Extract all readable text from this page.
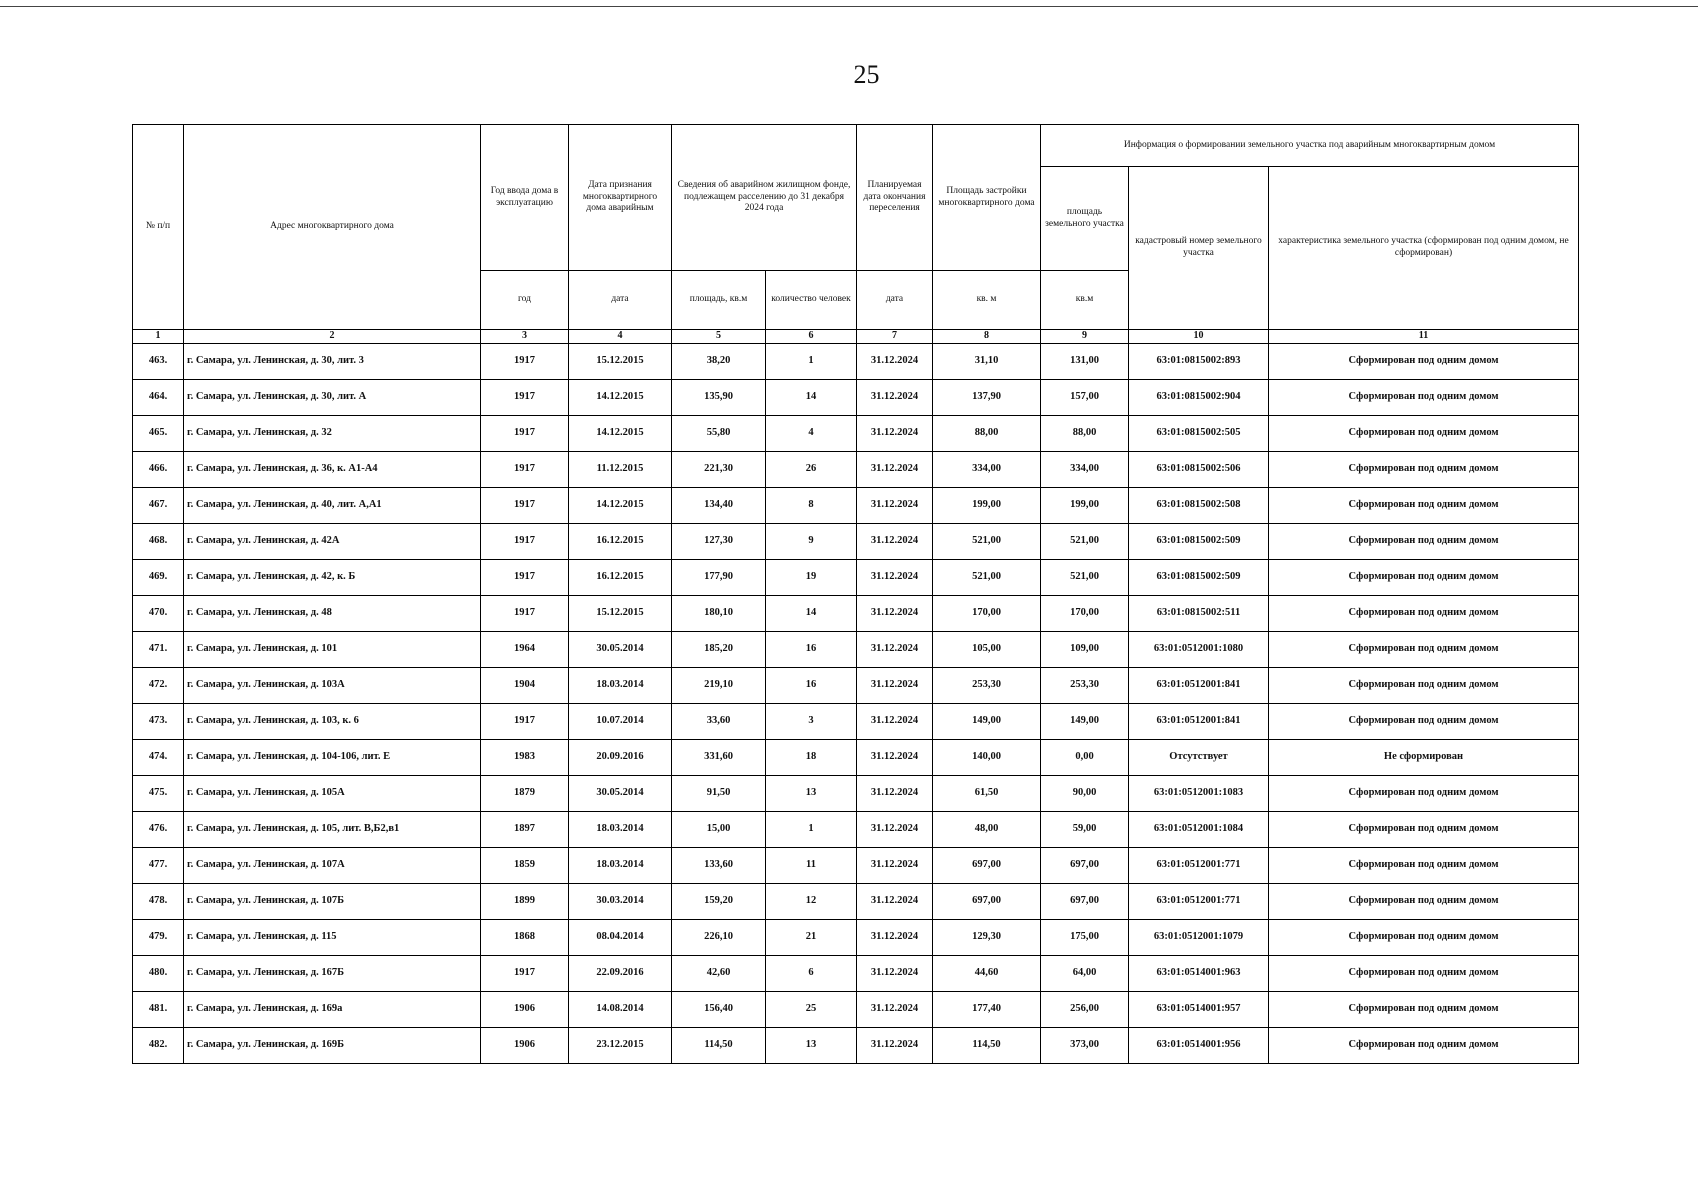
25
№ п/п	Адрес многоквартирного дома	Год ввода дома в эксплуатацию	Дата признания многоквартирного дома аварийным	Сведения об аварийном жилищном фонде, подлежащем расселению до 31 декабря 2024 года		Планируемая дата окончания переселения	Площадь застройки многоквартирного дома	Информация о формировании земельного участка под аварийным многоквартирным домом		
								площадь земельного участка	кадастровый номер земельного участка	характеристика земельного участка (сформирован под одним домом, не сформирован)
		год	дата	площадь, кв.м	количество человек	дата	кв. м	кв.м		
1	2	3	4	5	6	7	8	9	10	11
463.	г. Самара, ул. Ленинская, д. 30, лит. 3	1917	15.12.2015	38,20	1	31.12.2024	31,10	131,00	63:01:0815002:893	Сформирован под одним домом
464.	г. Самара, ул. Ленинская, д. 30, лит. А	1917	14.12.2015	135,90	14	31.12.2024	137,90	157,00	63:01:0815002:904	Сформирован под одним домом
465.	г. Самара, ул. Ленинская, д. 32	1917	14.12.2015	55,80	4	31.12.2024	88,00	88,00	63:01:0815002:505	Сформирован под одним домом
466.	г. Самара, ул. Ленинская, д. 36, к. А1-А4	1917	11.12.2015	221,30	26	31.12.2024	334,00	334,00	63:01:0815002:506	Сформирован под одним домом
467.	г. Самара, ул. Ленинская, д. 40, лит. А,А1	1917	14.12.2015	134,40	8	31.12.2024	199,00	199,00	63:01:0815002:508	Сформирован под одним домом
468.	г. Самара, ул. Ленинская, д. 42А	1917	16.12.2015	127,30	9	31.12.2024	521,00	521,00	63:01:0815002:509	Сформирован под одним домом
469.	г. Самара, ул. Ленинская, д. 42, к. Б	1917	16.12.2015	177,90	19	31.12.2024	521,00	521,00	63:01:0815002:509	Сформирован под одним домом
470.	г. Самара, ул. Ленинская, д. 48	1917	15.12.2015	180,10	14	31.12.2024	170,00	170,00	63:01:0815002:511	Сформирован под одним домом
471.	г. Самара, ул. Ленинская, д. 101	1964	30.05.2014	185,20	16	31.12.2024	105,00	109,00	63:01:0512001:1080	Сформирован под одним домом
472.	г. Самара, ул. Ленинская, д. 103А	1904	18.03.2014	219,10	16	31.12.2024	253,30	253,30	63:01:0512001:841	Сформирован под одним домом
473.	г. Самара, ул. Ленинская, д. 103, к. 6	1917	10.07.2014	33,60	3	31.12.2024	149,00	149,00	63:01:0512001:841	Сформирован под одним домом
474.	г. Самара, ул. Ленинская, д. 104-106, лит. Е	1983	20.09.2016	331,60	18	31.12.2024	140,00	0,00	Отсутствует	Не сформирован
475.	г. Самара, ул. Ленинская, д. 105А	1879	30.05.2014	91,50	13	31.12.2024	61,50	90,00	63:01:0512001:1083	Сформирован под одним домом
476.	г. Самара, ул. Ленинская, д. 105, лит. В,Б2,в1	1897	18.03.2014	15,00	1	31.12.2024	48,00	59,00	63:01:0512001:1084	Сформирован под одним домом
477.	г. Самара, ул. Ленинская, д. 107А	1859	18.03.2014	133,60	11	31.12.2024	697,00	697,00	63:01:0512001:771	Сформирован под одним домом
478.	г. Самара, ул. Ленинская, д. 107Б	1899	30.03.2014	159,20	12	31.12.2024	697,00	697,00	63:01:0512001:771	Сформирован под одним домом
479.	г. Самара, ул. Ленинская, д. 115	1868	08.04.2014	226,10	21	31.12.2024	129,30	175,00	63:01:0512001:1079	Сформирован под одним домом
480.	г. Самара, ул. Ленинская, д. 167Б	1917	22.09.2016	42,60	6	31.12.2024	44,60	64,00	63:01:0514001:963	Сформирован под одним домом
481.	г. Самара, ул. Ленинская, д. 169а	1906	14.08.2014	156,40	25	31.12.2024	177,40	256,00	63:01:0514001:957	Сформирован под одним домом
482.	г. Самара, ул. Ленинская, д. 169Б	1906	23.12.2015	114,50	13	31.12.2024	114,50	373,00	63:01:0514001:956	Сформирован под одним домом
